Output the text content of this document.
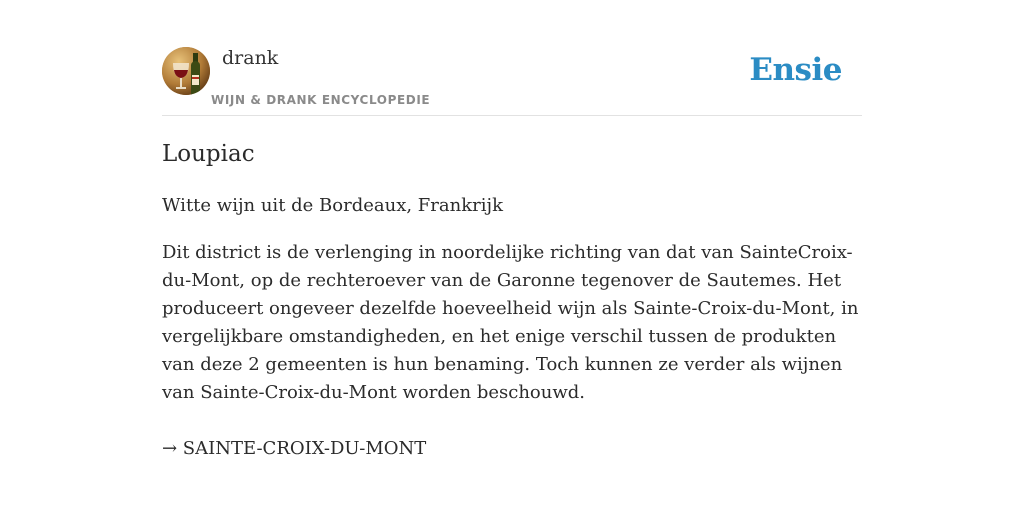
drank
WIJN & DRANK ENCYCLOPEDIE
Ensie
Loupiac
Witte wijn uit de Bordeaux, Frankrijk
Dit district is de verlenging in noordelijke richting van dat van SainteCroix-du-Mont, op de rechteroever van de Garonne tegenover de Sautemes. Het produceert ongeveer dezelfde hoeveelheid wijn als Sainte-Croix-du-Mont, in vergelijkbare omstandigheden, en het enige verschil tussen de produkten van deze 2 gemeenten is hun benaming. Toch kunnen ze verder als wijnen van Sainte-Croix-du-Mont worden beschouwd.
→ SAINTE-CROIX-DU-MONT
